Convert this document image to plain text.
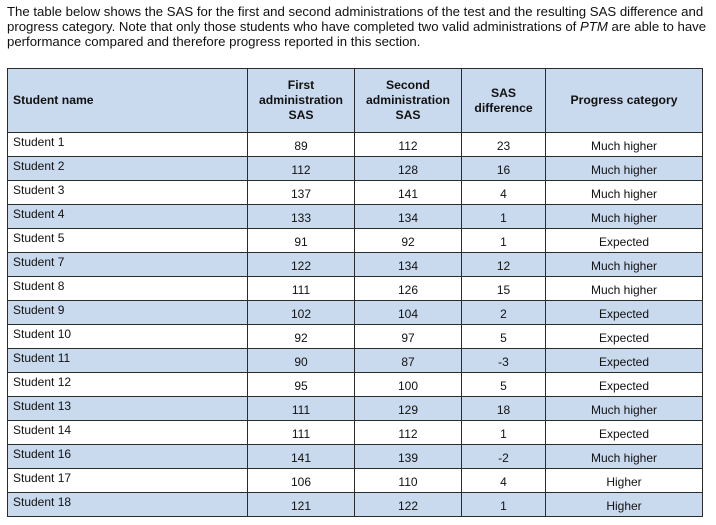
The table below shows the SAS for the first and second administrations of the test and the resulting SAS difference and progress category. Note that only those students who have completed two valid administrations of PTM are able to have performance compared and therefore progress reported in this section.

Student name	First administration SAS	Second administration SAS	SAS difference	Progress category
Student 1	89	112	23	Much higher
Student 2	112	128	16	Much higher
Student 3	137	141	4	Much higher
Student 4	133	134	1	Much higher
Student 5	91	92	1	Expected
Student 7	122	134	12	Much higher
Student 8	111	126	15	Much higher
Student 9	102	104	2	Expected
Student 10	92	97	5	Expected
Student 11	90	87	-3	Expected
Student 12	95	100	5	Expected
Student 13	111	129	18	Much higher
Student 14	111	112	1	Expected
Student 16	141	139	-2	Much higher
Student 17	106	110	4	Higher
Student 18	121	122	1	Higher
